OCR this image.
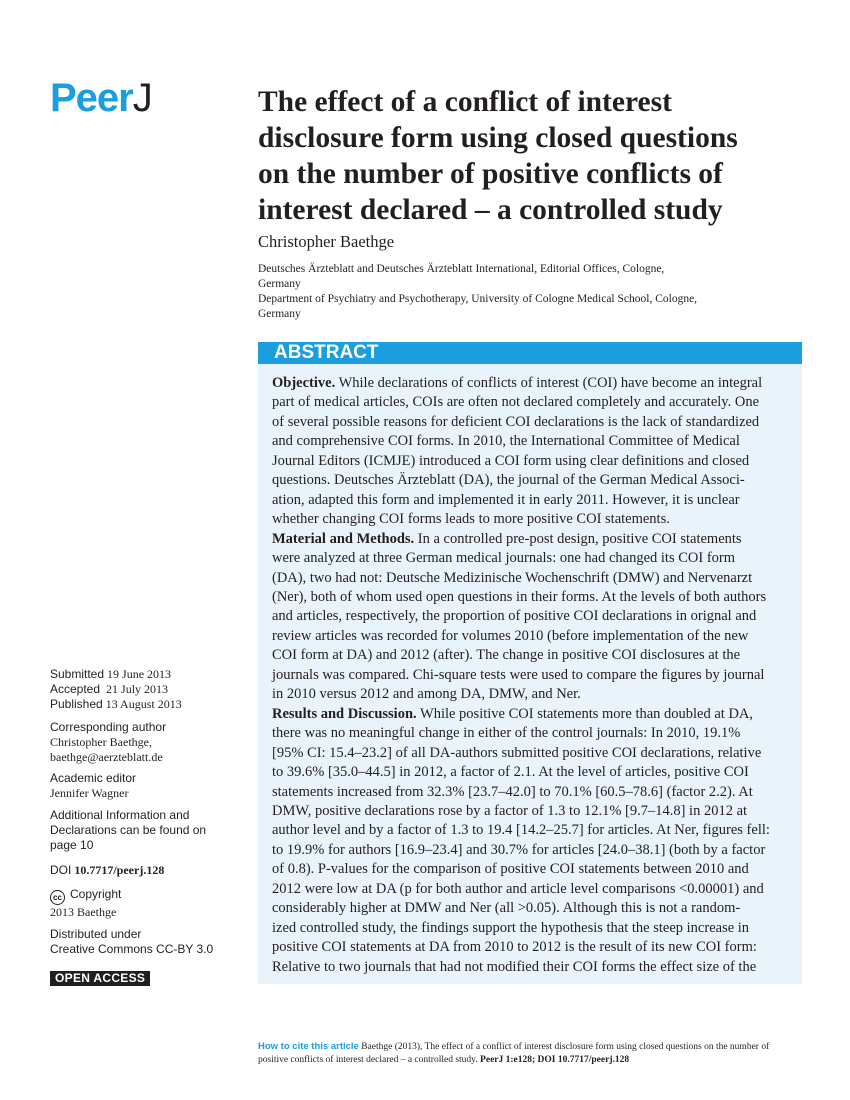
PeerJ	The effect of a conflict of interest
disclosure form using closed questions
on the number of positive conflicts of
interest declared – a controlled study
Christopher Baethge
Deutsches Ärzteblatt and Deutsches Ärzteblatt International, Editorial Offices, Cologne,
Germany
Department of Psychiatry and Psychotherapy, University of Cologne Medical School, Cologne,
Germany
ABSTRACT
Objective. While declarations of conflicts of interest (COI) have become an integral
part of medical articles, COIs are often not declared completely and accurately. One
of several possible reasons for deficient COI declarations is the lack of standardized
and comprehensive COI forms. In 2010, the International Committee of Medical
Journal Editors (ICMJE) introduced a COI form using clear definitions and closed
questions. Deutsches Ärzteblatt (DA), the journal of the German Medical Associ-
ation, adapted this form and implemented it in early 2011. However, it is unclear
whether changing COI forms leads to more positive COI statements.
Material and Methods. In a controlled pre-post design, positive COI statements
were analyzed at three German medical journals: one had changed its COI form
(DA), two had not: Deutsche Medizinische Wochenschrift (DMW) and Nervenarzt
(Ner), both of whom used open questions in their forms. At the levels of both authors
and articles, respectively, the proportion of positive COI declarations in orignal and
review articles was recorded for volumes 2010 (before implementation of the new
COI form at DA) and 2012 (after). The change in positive COI disclosures at the
journals was compared. Chi-square tests were used to compare the figures by journal
in 2010 versus 2012 and among DA, DMW, and Ner.
Results and Discussion. While positive COI statements more than doubled at DA,
there was no meaningful change in either of the control journals: In 2010, 19.1%
[95% CI: 15.4–23.2] of all DA-authors submitted positive COI declarations, relative
to 39.6% [35.0–44.5] in 2012, a factor of 2.1. At the level of articles, positive COI
statements increased from 32.3% [23.7–42.0] to 70.1% [60.5–78.6] (factor 2.2). At
DMW, positive declarations rose by a factor of 1.3 to 12.1% [9.7–14.8] in 2012 at
author level and by a factor of 1.3 to 19.4 [14.2–25.7] for articles. At Ner, figures fell:
to 19.9% for authors [16.9–23.4] and 30.7% for articles [24.0–38.1] (both by a factor
of 0.8). P-values for the comparison of positive COI statements between 2010 and
2012 were low at DA (p for both author and article level comparisons <0.00001) and
considerably higher at DMW and Ner (all >0.05). Although this is not a random-
ized controlled study, the findings support the hypothesis that the steep increase in
positive COI statements at DA from 2010 to 2012 is the result of its new COI form:
Relative to two journals that had not modified their COI forms the effect size of the
Submitted 19 June 2013
Accepted 21 July 2013
Published 13 August 2013
Corresponding author
Christopher Baethge,
baethge@aerzteblatt.de
Academic editor
Jennifer Wagner
Additional Information and
Declarations can be found on
page 10
DOI 10.7717/peerj.128
cc Copyright
2013 Baethge
Distributed under
Creative Commons CC-BY 3.0
OPEN ACCESS
How to cite this article Baethge (2013), The effect of a conflict of interest disclosure form using closed questions on the number of
positive conflicts of interest declared – a controlled study. PeerJ 1:e128; DOI 10.7717/peerj.128
